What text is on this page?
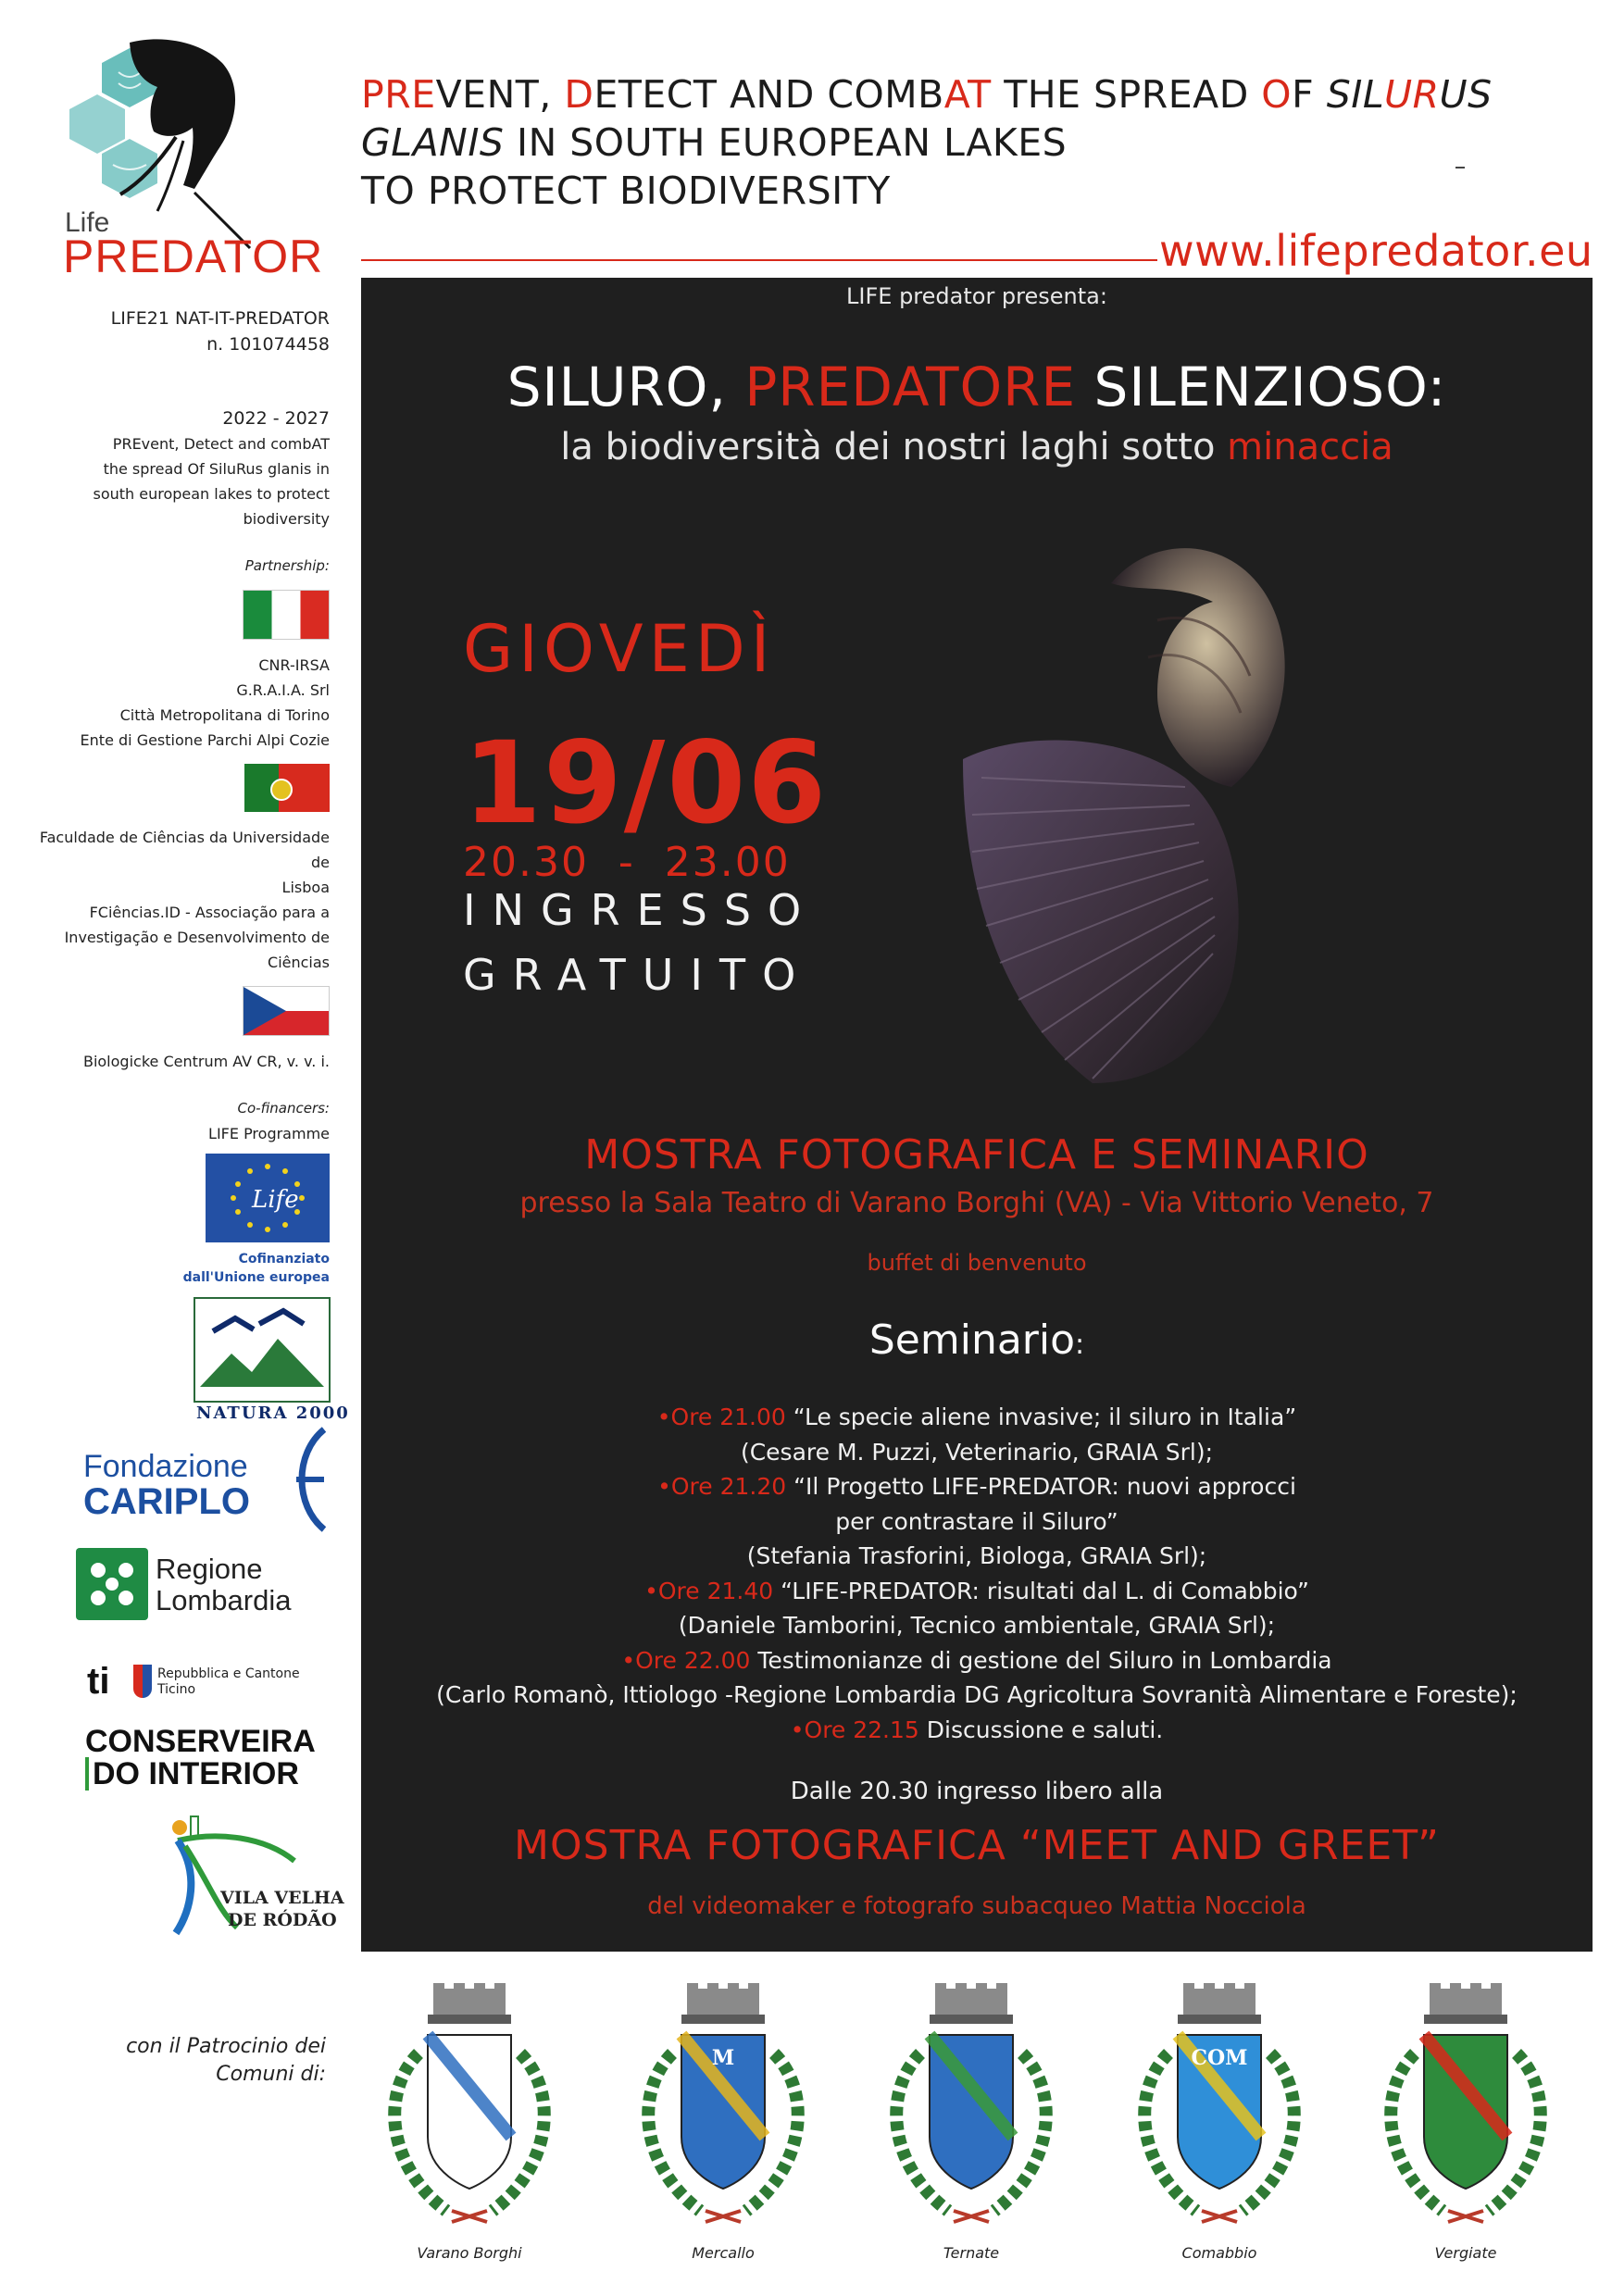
Life
PREDATOR
PREVENT, DETECT AND COMBAT THE SPREAD OF SILURUS
GLANIS IN SOUTH EUROPEAN LAKES
TO PROTECT BIODIVERSITY
www.lifepredator.eu
LIFE21 NAT-IT-PREDATOR
n. 101074458
2022 - 2027
PREvent, Detect and combAT
the spread Of SiluRus glanis in
south european lakes to protect
biodiversity
Partnership:
CNR-IRSA
G.R.A.I.A. Srl
Città Metropolitana di Torino
Ente di Gestione Parchi Alpi Cozie
Faculdade de Ciências da Universidade de
Lisboa
FCiências.ID - Associação para a
Investigação e Desenvolvimento de
Ciências
Biologicke Centrum AV CR, v. v. i.
Co-financers:
LIFE Programme
Life
Cofinanziato
dall'Unione europea
NATURA 2000
Fondazione
CARIPLO
Regione
Lombardia
ti	Repubblica e Cantone
Ticino
CONSERVEIRA
DO INTERIOR
VILA VELHA
DE RÓDÃO
LIFE predator presenta:
SILURO, PREDATORE SILENZIOSO:
la biodiversità dei nostri laghi sotto minaccia
GIOVEDÌ
19/06
20.30  -  23.00
INGRESSO
GRATUITO
MOSTRA FOTOGRAFICA E SEMINARIO
presso la Sala Teatro di Varano Borghi (VA) - Via Vittorio Veneto, 7
buffet di benvenuto
Seminario:
•Ore 21.00 “Le specie aliene invasive; il siluro in Italia”
(Cesare M. Puzzi, Veterinario, GRAIA Srl);
•Ore 21.20 “Il Progetto LIFE-PREDATOR: nuovi approcci
per contrastare il Siluro”
(Stefania Trasforini, Biologa, GRAIA Srl);
•Ore 21.40 “LIFE-PREDATOR: risultati dal L. di Comabbio”
(Daniele Tamborini, Tecnico ambientale, GRAIA Srl);
•Ore 22.00 Testimonianze di gestione del Siluro in Lombardia
(Carlo Romanò, Ittiologo -Regione Lombardia DG Agricoltura Sovranità Alimentare e Foreste);
•Ore 22.15 Discussione e saluti.
Dalle 20.30 ingresso libero alla
MOSTRA FOTOGRAFICA “MEET AND GREET”
del videomaker e fotografo subacqueo Mattia Nocciola
con il Patrocinio dei
Comuni di:
Varano Borghi
M
Mercallo	Ternate
COM
Comabbio	Vergiate
